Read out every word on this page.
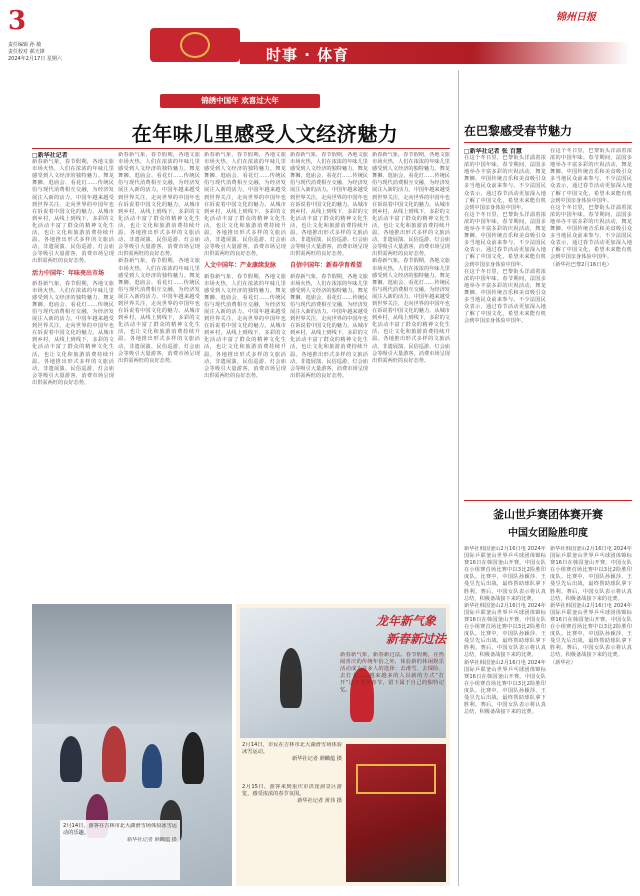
3
责任编辑 孙 敏
责任校对 郝天锋
2024年2月17日 星期六	时事 · 体育
锦州日报
锦绣中国年 欢喜过大年
在年味儿里感受人文经济魅力
□新华社记者
新春新气象，春节假期，各地文旅市场火热，人们在浓浓的年味儿里感受到人文经济的独特魅力。舞龙舞狮、逛庙会、看花灯……传统民俗与现代消费相互交融，为经济发展注入新的活力。中国年越来越受到世界关注，走向世界的中国年也在诉说着中国文化的魅力。从城市到乡村，从线上到线下，多彩的文化活动丰富了群众的精神文化生活，也让文化和旅游消费持续升温。各地推出形式多样的文旅活动，非遗展演、民俗巡游、灯会庙会等吸引大量游客，消费市场呈现出供需两旺的良好态势。
活力中国年：年味亮出市场
新春新气象，春节假期，各地文旅市场火热，人们在浓浓的年味儿里感受到人文经济的独特魅力。舞龙舞狮、逛庙会、看花灯……传统民俗与现代消费相互交融，为经济发展注入新的活力。中国年越来越受到世界关注，走向世界的中国年也在诉说着中国文化的魅力。从城市到乡村，从线上到线下，多彩的文化活动丰富了群众的精神文化生活，也让文化和旅游消费持续升温。各地推出形式多样的文旅活动，非遗展演、民俗巡游、灯会庙会等吸引大量游客，消费市场呈现出供需两旺的良好态势。
新春新气象，春节假期，各地文旅市场火热，人们在浓浓的年味儿里感受到人文经济的独特魅力。舞龙舞狮、逛庙会、看花灯……传统民俗与现代消费相互交融，为经济发展注入新的活力。中国年越来越受到世界关注，走向世界的中国年也在诉说着中国文化的魅力。从城市到乡村，从线上到线下，多彩的文化活动丰富了群众的精神文化生活，也让文化和旅游消费持续升温。各地推出形式多样的文旅活动，非遗展演、民俗巡游、灯会庙会等吸引大量游客，消费市场呈现出供需两旺的良好态势。
新春新气象，春节假期，各地文旅市场火热，人们在浓浓的年味儿里感受到人文经济的独特魅力。舞龙舞狮、逛庙会、看花灯……传统民俗与现代消费相互交融，为经济发展注入新的活力。中国年越来越受到世界关注，走向世界的中国年也在诉说着中国文化的魅力。从城市到乡村，从线上到线下，多彩的文化活动丰富了群众的精神文化生活，也让文化和旅游消费持续升温。各地推出形式多样的文旅活动，非遗展演、民俗巡游、灯会庙会等吸引大量游客，消费市场呈现出供需两旺的良好态势。
新春新气象，春节假期，各地文旅市场火热，人们在浓浓的年味儿里感受到人文经济的独特魅力。舞龙舞狮、逛庙会、看花灯……传统民俗与现代消费相互交融，为经济发展注入新的活力。中国年越来越受到世界关注，走向世界的中国年也在诉说着中国文化的魅力。从城市到乡村，从线上到线下，多彩的文化活动丰富了群众的精神文化生活，也让文化和旅游消费持续升温。各地推出形式多样的文旅活动，非遗展演、民俗巡游、灯会庙会等吸引大量游客，消费市场呈现出供需两旺的良好态势。
人文中国年：产业康续发脉
新春新气象，春节假期，各地文旅市场火热，人们在浓浓的年味儿里感受到人文经济的独特魅力。舞龙舞狮、逛庙会、看花灯……传统民俗与现代消费相互交融，为经济发展注入新的活力。中国年越来越受到世界关注，走向世界的中国年也在诉说着中国文化的魅力。从城市到乡村，从线上到线下，多彩的文化活动丰富了群众的精神文化生活，也让文化和旅游消费持续升温。各地推出形式多样的文旅活动，非遗展演、民俗巡游、灯会庙会等吸引大量游客，消费市场呈现出供需两旺的良好态势。
新春新气象，春节假期，各地文旅市场火热，人们在浓浓的年味儿里感受到人文经济的独特魅力。舞龙舞狮、逛庙会、看花灯……传统民俗与现代消费相互交融，为经济发展注入新的活力。中国年越来越受到世界关注，走向世界的中国年也在诉说着中国文化的魅力。从城市到乡村，从线上到线下，多彩的文化活动丰富了群众的精神文化生活，也让文化和旅游消费持续升温。各地推出形式多样的文旅活动，非遗展演、民俗巡游、灯会庙会等吸引大量游客，消费市场呈现出供需两旺的良好态势。
自信中国年：新春孕育希望
新春新气象，春节假期，各地文旅市场火热，人们在浓浓的年味儿里感受到人文经济的独特魅力。舞龙舞狮、逛庙会、看花灯……传统民俗与现代消费相互交融，为经济发展注入新的活力。中国年越来越受到世界关注，走向世界的中国年也在诉说着中国文化的魅力。从城市到乡村，从线上到线下，多彩的文化活动丰富了群众的精神文化生活，也让文化和旅游消费持续升温。各地推出形式多样的文旅活动，非遗展演、民俗巡游、灯会庙会等吸引大量游客，消费市场呈现出供需两旺的良好态势。
新春新气象，春节假期，各地文旅市场火热，人们在浓浓的年味儿里感受到人文经济的独特魅力。舞龙舞狮、逛庙会、看花灯……传统民俗与现代消费相互交融，为经济发展注入新的活力。中国年越来越受到世界关注，走向世界的中国年也在诉说着中国文化的魅力。从城市到乡村，从线上到线下，多彩的文化活动丰富了群众的精神文化生活，也让文化和旅游消费持续升温。各地推出形式多样的文旅活动，非遗展演、民俗巡游、灯会庙会等吸引大量游客，消费市场呈现出供需两旺的良好态势。
新春新气象，春节假期，各地文旅市场火热，人们在浓浓的年味儿里感受到人文经济的独特魅力。舞龙舞狮、逛庙会、看花灯……传统民俗与现代消费相互交融，为经济发展注入新的活力。中国年越来越受到世界关注，走向世界的中国年也在诉说着中国文化的魅力。从城市到乡村，从线上到线下，多彩的文化活动丰富了群众的精神文化生活，也让文化和旅游消费持续升温。各地推出形式多样的文旅活动，非遗展演、民俗巡游、灯会庙会等吸引大量游客，消费市场呈现出供需两旺的良好态势。
在巴黎感受春节魅力
□新华社记者 张 百慧
在这个冬日里，巴黎街头洋溢着浓浓的中国年味。春节期间，法国多地举办丰富多彩的庆祝活动，舞龙舞狮、中国传统音乐和美食吸引众多当地民众前来参与。不少法国民众表示，通过春节活动更加深入地了解了中国文化，希望未来能有机会到中国亲身体验中国年。
在这个冬日里，巴黎街头洋溢着浓浓的中国年味。春节期间，法国多地举办丰富多彩的庆祝活动，舞龙舞狮、中国传统音乐和美食吸引众多当地民众前来参与。不少法国民众表示，通过春节活动更加深入地了解了中国文化，希望未来能有机会到中国亲身体验中国年。
在这个冬日里，巴黎街头洋溢着浓浓的中国年味。春节期间，法国多地举办丰富多彩的庆祝活动，舞龙舞狮、中国传统音乐和美食吸引众多当地民众前来参与。不少法国民众表示，通过春节活动更加深入地了解了中国文化，希望未来能有机会到中国亲身体验中国年。
在这个冬日里，巴黎街头洋溢着浓浓的中国年味。春节期间，法国多地举办丰富多彩的庆祝活动，舞龙舞狮、中国传统音乐和美食吸引众多当地民众前来参与。不少法国民众表示，通过春节活动更加深入地了解了中国文化，希望未来能有机会到中国亲身体验中国年。
在这个冬日里，巴黎街头洋溢着浓浓的中国年味。春节期间，法国多地举办丰富多彩的庆祝活动，舞龙舞狮、中国传统音乐和美食吸引众多当地民众前来参与。不少法国民众表示，通过春节活动更加深入地了解了中国文化，希望未来能有机会到中国亲身体验中国年。
（新华社巴黎2月16日电）
釜山世乒赛团体赛开赛
中国女团险胜印度
新华社韩国釜山2月16日电 2024年国际乒联釜山世界乒乓球团体锦标赛16日在韩国釜山开赛。中国女队在小组赛首场比赛中以3比2险胜印度队。比赛中，中国队孙颖莎、王曼昱先后出战，最终帮助球队拿下胜利。赛后，中国女队表示将认真总结，积极备战接下来的比赛。
新华社韩国釜山2月16日电 2024年国际乒联釜山世界乒乓球团体锦标赛16日在韩国釜山开赛。中国女队在小组赛首场比赛中以3比2险胜印度队。比赛中，中国队孙颖莎、王曼昱先后出战，最终帮助球队拿下胜利。赛后，中国女队表示将认真总结，积极备战接下来的比赛。
新华社韩国釜山2月16日电 2024年国际乒联釜山世界乒乓球团体锦标赛16日在韩国釜山开赛。中国女队在小组赛首场比赛中以3比2险胜印度队。比赛中，中国队孙颖莎、王曼昱先后出战，最终帮助球队拿下胜利。赛后，中国女队表示将认真总结，积极备战接下来的比赛。
新华社韩国釜山2月16日电 2024年国际乒联釜山世界乒乓球团体锦标赛16日在韩国釜山开赛。中国女队在小组赛首场比赛中以3比2险胜印度队。比赛中，中国队孙颖莎、王曼昱先后出战，最终帮助球队拿下胜利。赛后，中国女队表示将认真总结，积极备战接下来的比赛。
新华社韩国釜山2月16日电 2024年国际乒联釜山世界乒乓球团体锦标赛16日在韩国釜山开赛。中国女队在小组赛首场比赛中以3比2险胜印度队。比赛中，中国队孙颖莎、王曼昱先后出战，最终帮助球队拿下胜利。赛后，中国女队表示将认真总结，积极备战接下来的比赛。
（新华社）
2月14日，游客在吉林市北大湖滑雪场体验冰雪运动的乐趣。
新华社记者 颜麟蕴 摄
龙年新气象
新春新过法
新春新气象，新春新过法。春节假期，在热闹喜庆的传统年俗之外，体验新的休闲娱乐活动成为许多人的选择：去滑雪、去探险、去打卡……越来越多的人以新的方式“打开”这个龙年春节，留下属于自己的独特记忆。
2月14日，市民在吉林市北大湖滑雪场体验冰雪运动。
新华社记者 颜麟蕴 摄
2月15日，游客来到重庆市洪崖洞景区游览，感受浓浓的春节氛围。
新华社记者 黄伟 摄
